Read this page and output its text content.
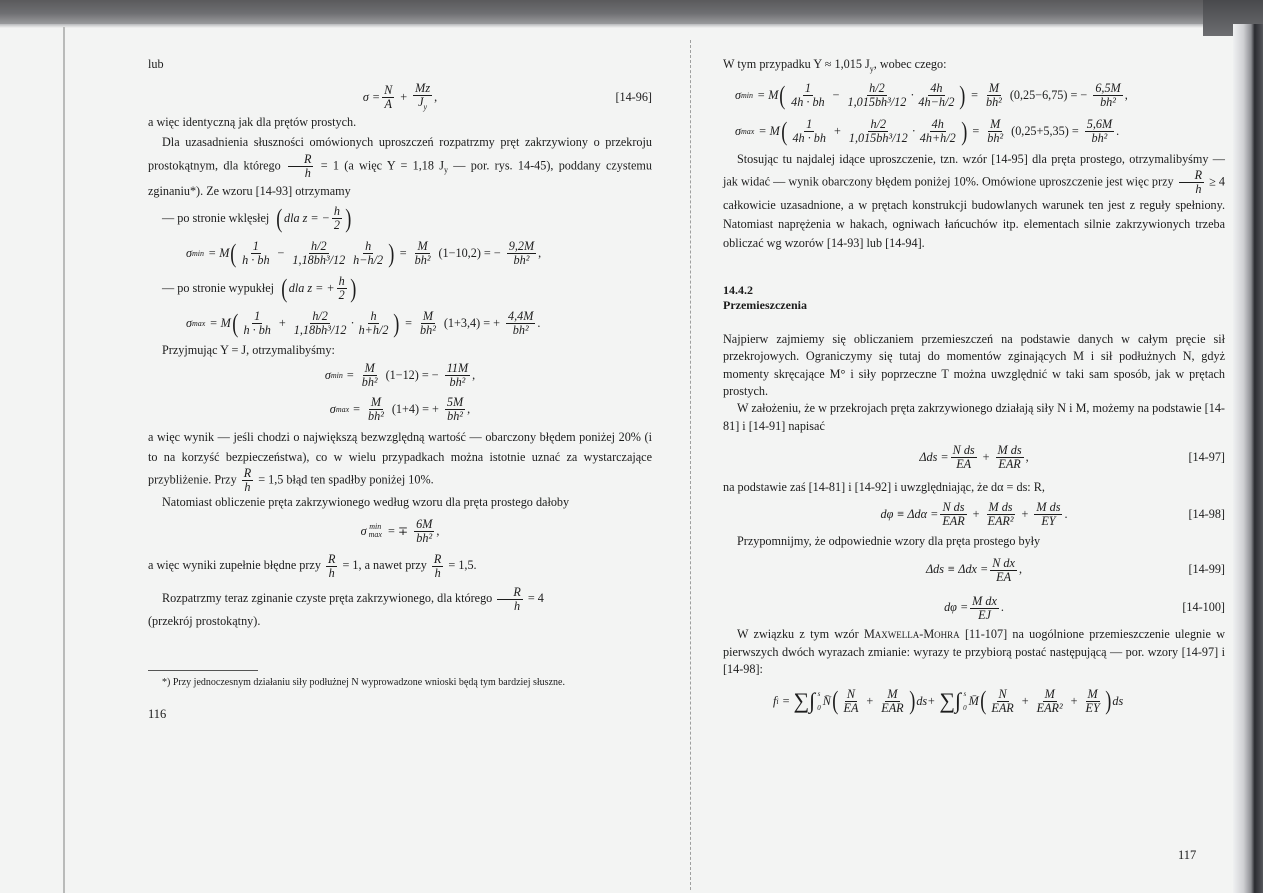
lub

$\sigma = \frac{N}{A} + \frac{Mz}{J_y}$ ,	[14-96]

a więc identyczną jak dla prętów prostych.

Dla uzasadnienia słuszności omówionych uproszczeń rozpatrzmy pręt zakrzywiony o przekroju prostokątnym, dla którego $\frac{R}{h} = 1$ (a więc Y = 1,18 $J_y$ — por. rys. 14-45), poddany czystemu zginaniu*). Ze wzoru [14-93] otrzymamy

— po stronie wklęsłej ( dla z = − $\frac{h}{2}$ )
σ min = M ( $\frac{1}{h \cdot bh} - \frac{h/2}{\text{1,18bh³/12}} \frac{h}{h-h/2}$ ) = $\frac{M}{\text{bh²}} (1-10,2)$ = − $\frac{9,2M}{\text{bh²}}$ ,
— po stronie wypukłej ( dla z = + $\frac{h}{2}$ )
σ max = M ( $\frac{1}{h \cdot bh} + \frac{h/2}{\text{1,18bh³/12}} \cdot \frac{h}{h+h/2}$ ) = $\frac{M}{\text{bh²}} (1+3,4)$ = + $\frac{4,4M}{\text{bh²}}$ .

Przyjmując Y = J, otrzymalibyśmy:

σ $\min = \frac{M}{\text{bh²}} (1-12)$ = − $\frac{11M}{\text{bh²}}$ ,
σ $\max = \frac{M}{\text{bh²}} (1+4)$ = + $\frac{5M}{\text{bh²}}$ ,

a więc wynik — jeśli chodzi o największą bezwzględną wartość — obarczony błędem poniżej 20% (i to na korzyść bezpieczeństwa), co w wielu przypadkach można istotnie uznać za wystarczające przybliżenie. Przy $\frac{R}{h} = 1,5$ błąd ten spadłby poniżej 10%.

Natomiast obliczenie pręta zakrzywionego według wzoru dla pręta prostego dałoby

σ min
max = ∓ $\frac{6M}{\text{bh²}}$ ,

a więc wyniki zupełnie błędne przy $\frac{R}{h} = 1$, a nawet przy $\frac{R}{h} = 1,5$.

Rozpatrzmy teraz zginanie czyste pręta zakrzywionego, dla którego $\frac{R}{h} = 4$

(przekrój prostokątny).

*) Przy jednoczesnym działaniu siły podłużnej N wyprowadzone wnioski będą tym bardziej słuszne.

116

W tym przypadku Y ≈ 1,015 $J_y$, wobec czego:

σ min = M ( $\frac{1}{4h \cdot bh} - \frac{h/2}{\text{1,015bh³/12}} \cdot \frac{4h}{4h-h/2}$ ) = $\frac{M}{\text{bh²}} (0,25-6,75)$ = − $\frac{6,5M}{\text{bh²}}$ ,
σ max = M ( $\frac{1}{4h \cdot bh} + \frac{h/2}{\text{1,015bh³/12}} \cdot \frac{4h}{4h+h/2}$ ) = $\frac{M}{\text{bh²}} (0,25+5,35) = \frac{5,6M}{\text{bh²}}$ .

Stosując tu najdalej idące uproszczenie, tzn. wzór [14-95] dla pręta prostego, otrzymalibyśmy — jak widać — wynik obarczony błędem poniżej 10%. Omówione uproszczenie jest więc przy $\frac{R}{h} \ge 4$ całkowicie uzasadnione, a w prętach konstrukcji budowlanych warunek ten jest z reguły spełniony. Natomiast naprężenia w hakach, ogniwach łańcuchów itp. elementach silnie zakrzywionych trzeba obliczać wg wzorów [14-93] lub [14-94].

14.4.2

Przemieszczenia

Najpierw zajmiemy się obliczaniem przemieszczeń na podstawie danych w całym pręcie sił przekrojowych. Ograniczymy się tutaj do momentów zginających M i sił podłużnych N, gdyż momenty skręcające M° i siły poprzeczne T można uwzględnić w taki sam sposób, jak w prętach prostych.

W założeniu, że w przekrojach pręta zakrzywionego działają siły N i M, możemy na podstawie [14-81] i [14-91] napisać

$\Delta ds = \frac{\text{N ds}}{EA} + \frac{\text{M ds}}{\text{EAR}}$ ,	[14-97]

na podstawie zaś [14-81] i [14-92] i uwzględniając, że dα = ds: R,

$d\varphi \equiv \Delta d\alpha = \frac{\text{N ds}}{\text{EAR}} + \frac{\text{M ds}}{\text{EAR²}} + \frac{\text{M ds}}{EY}$ .	[14-98]

Przypomnijmy, że odpowiednie wzory dla pręta prostego były

$\Delta ds \equiv \Delta dx = \frac{\text{N dx}}{EA}$ ,	[14-99]
$d\varphi = \frac{\text{M dx}}{EJ}$ .	[14-100]

W związku z tym wzór Maxwella-Mohra [11-107] na uogólnione przemieszczenie ulegnie w pierwszych dwóch wyrazach zmianie: wyrazy te przybiorą postać następującą — por. wzory [14-97] i [14-98]:

f i = ∑∫ s
0
N̄ ( $\frac{N}{EA} + \frac{M}{\text{EAR}}$ ) ds+ ∑∫ s
0
M̄ ( $\frac{N}{\text{EAR}} + \frac{M}{\text{EAR²}} + \frac{M}{EY}$ ) ds
117
